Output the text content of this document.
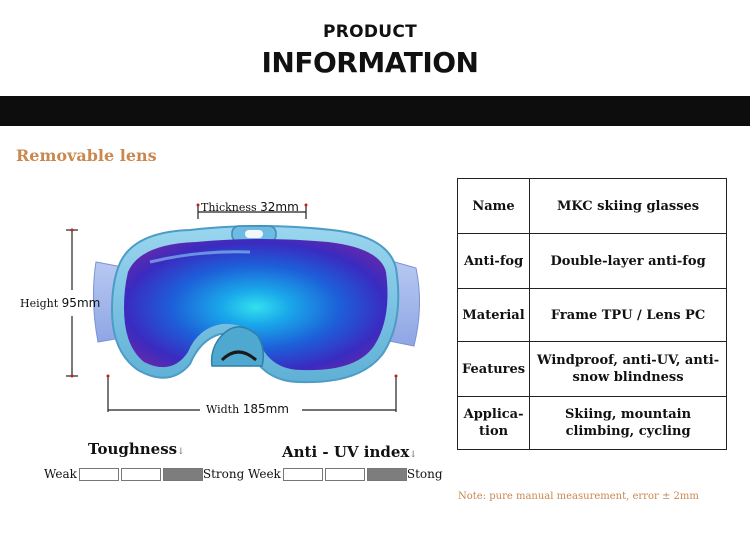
PRODUCT
INFORMATION
Removable lens
Thickness 32mm
Height 95mm
Width 185mm
Toughness↓
Weak	Strong
Anti - UV index↓
Week	Stong
Name	MKC skiing glasses
Anti-fog	Double-layer anti-fog
Material	Frame TPU / Lens PC
Features	Windproof, anti-UV, anti-snow blindness
Applica- tion	Skiing, mountain climbing, cycling
Note: pure manual measurement, error ± 2mm
